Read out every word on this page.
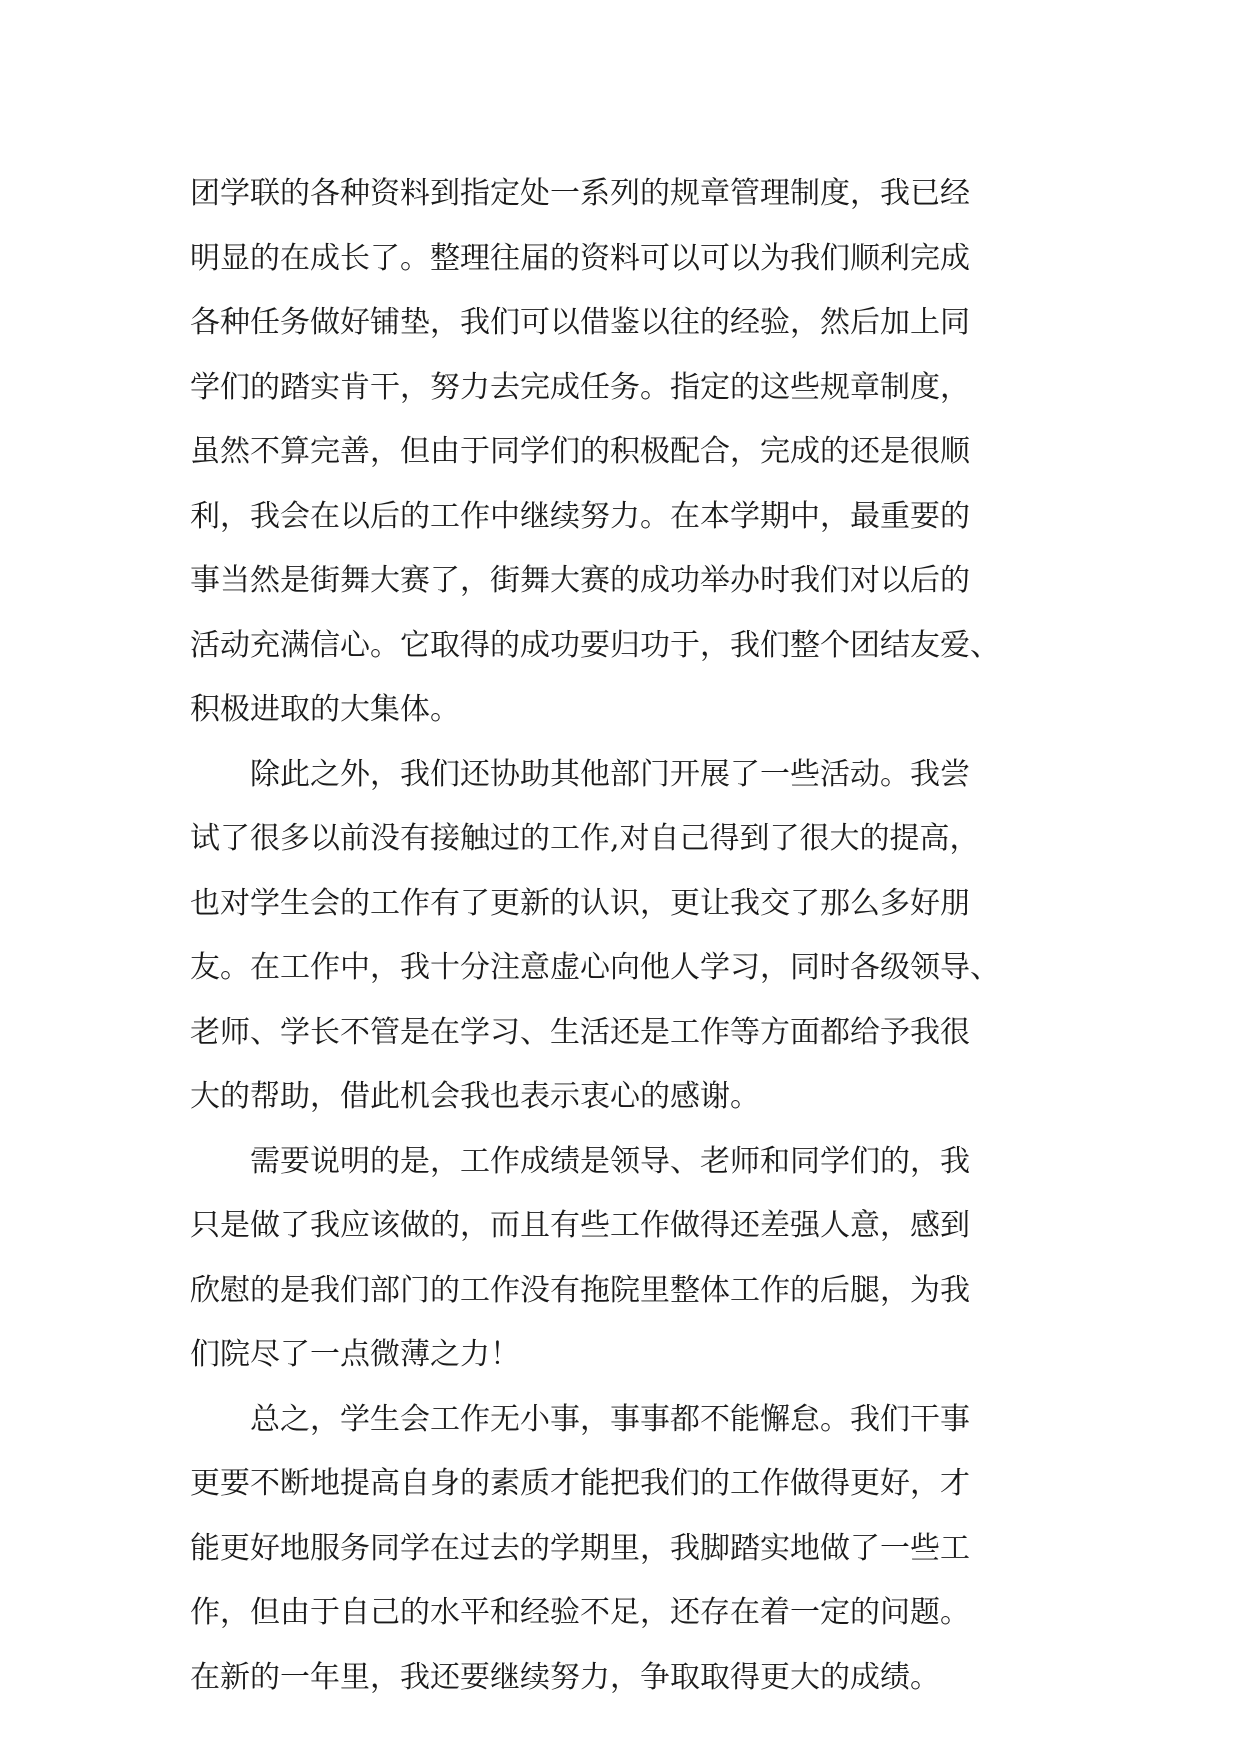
团学联的各种资料到指定处一系列的规章管理制度，我已经
明显的在成长了。整理往届的资料可以可以为我们顺利完成
各种任务做好铺垫，我们可以借鉴以往的经验，然后加上同
学们的踏实肯干，努力去完成任务。指定的这些规章制度，
虽然不算完善，但由于同学们的积极配合，完成的还是很顺
利，我会在以后的工作中继续努力。在本学期中，最重要的
事当然是街舞大赛了，街舞大赛的成功举办时我们对以后的
活动充满信心。它取得的成功要归功于，我们整个团结友爱、
积极进取的大集体。
除此之外，我们还协助其他部门开展了一些活动。我尝
试了很多以前没有接触过的工作,对自己得到了很大的提高，
也对学生会的工作有了更新的认识，更让我交了那么多好朋
友。在工作中，我十分注意虚心向他人学习，同时各级领导、
老师、学长不管是在学习、生活还是工作等方面都给予我很
大的帮助，借此机会我也表示衷心的感谢。
需要说明的是，工作成绩是领导、老师和同学们的，我
只是做了我应该做的，而且有些工作做得还差强人意，感到
欣慰的是我们部门的工作没有拖院里整体工作的后腿，为我
们院尽了一点微薄之力！
总之，学生会工作无小事，事事都不能懈怠。我们干事
更要不断地提高自身的素质才能把我们的工作做得更好，才
能更好地服务同学在过去的学期里，我脚踏实地做了一些工
作，但由于自己的水平和经验不足，还存在着一定的问题。
在新的一年里，我还要继续努力，争取取得更大的成绩。
